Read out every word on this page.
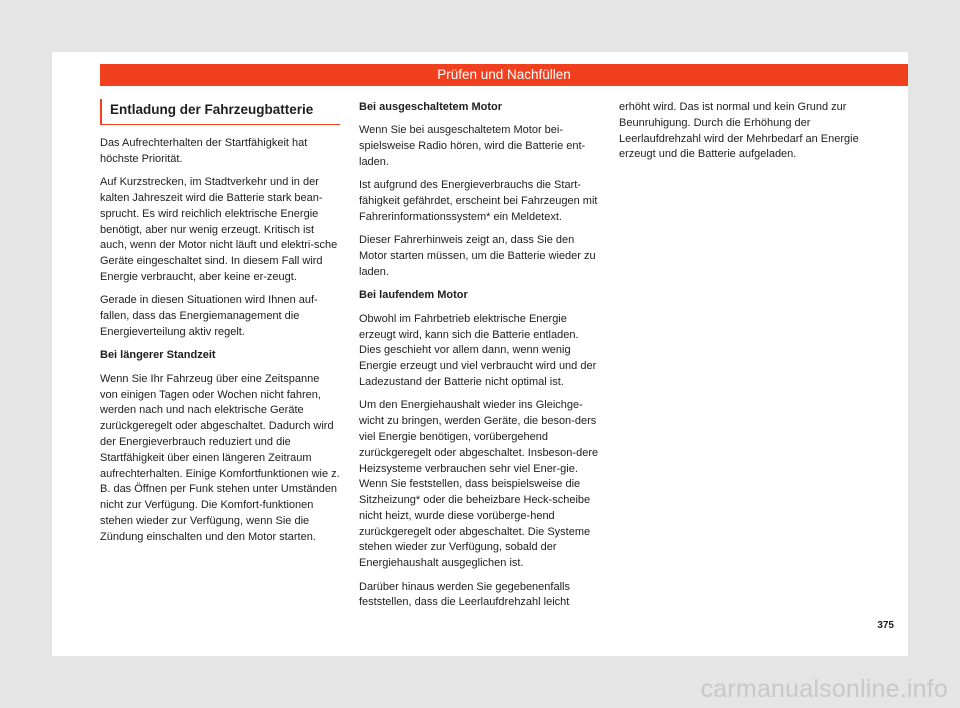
Prüfen und Nachfüllen
Entladung der Fahrzeugbatterie

Das Aufrechterhalten der Startfähigkeit hat höchste Priorität.

Auf Kurzstrecken, im Stadtverkehr und in der kalten Jahreszeit wird die Batterie stark bean-sprucht. Es wird reichlich elektrische Energie benötigt, aber nur wenig erzeugt. Kritisch ist auch, wenn der Motor nicht läuft und elektri-sche Geräte eingeschaltet sind. In diesem Fall wird Energie verbraucht, aber keine er-zeugt.

Gerade in diesen Situationen wird Ihnen auf-fallen, dass das Energiemanagement die Energieverteilung aktiv regelt.

Bei längerer Standzeit

Wenn Sie Ihr Fahrzeug über eine Zeitspanne von einigen Tagen oder Wochen nicht fahren, werden nach und nach elektrische Geräte zurückgeregelt oder abgeschaltet. Dadurch wird der Energieverbrauch reduziert und die Startfähigkeit über einen längeren Zeitraum aufrechterhalten. Einige Komfortfunktionen wie z. B. das Öffnen per Funk stehen unter Umständen nicht zur Verfügung. Die Komfort-funktionen stehen wieder zur Verfügung, wenn Sie die Zündung einschalten und den Motor starten.

Bei ausgeschaltetem Motor

Wenn Sie bei ausgeschaltetem Motor bei-spielsweise Radio hören, wird die Batterie ent-laden.

Ist aufgrund des Energieverbrauchs die Start-fähigkeit gefährdet, erscheint bei Fahrzeugen mit Fahrerinformationssystem* ein Meldetext.

Dieser Fahrerhinweis zeigt an, dass Sie den Motor starten müssen, um die Batterie wieder zu laden.

Bei laufendem Motor

Obwohl im Fahrbetrieb elektrische Energie erzeugt wird, kann sich die Batterie entladen. Dies geschieht vor allem dann, wenn wenig Energie erzeugt und viel verbraucht wird und der Ladezustand der Batterie nicht optimal ist.

Um den Energiehaushalt wieder ins Gleichge-wicht zu bringen, werden Geräte, die beson-ders viel Energie benötigen, vorübergehend zurückgeregelt oder abgeschaltet. Insbeson-dere Heizsysteme verbrauchen sehr viel Ener-gie. Wenn Sie feststellen, dass beispielsweise die Sitzheizung* oder die beheizbare Heck-scheibe nicht heizt, wurde diese vorüberge-hend zurückgeregelt oder abgeschaltet. Die Systeme stehen wieder zur Verfügung, sobald der Energiehaushalt ausgeglichen ist.

Darüber hinaus werden Sie gegebenenfalls feststellen, dass die Leerlaufdrehzahl leicht

erhöht wird. Das ist normal und kein Grund zur Beunruhigung. Durch die Erhöhung der Leerlaufdrehzahl wird der Mehrbedarf an Energie erzeugt und die Batterie aufgeladen.

375
carmanualsonline.info
